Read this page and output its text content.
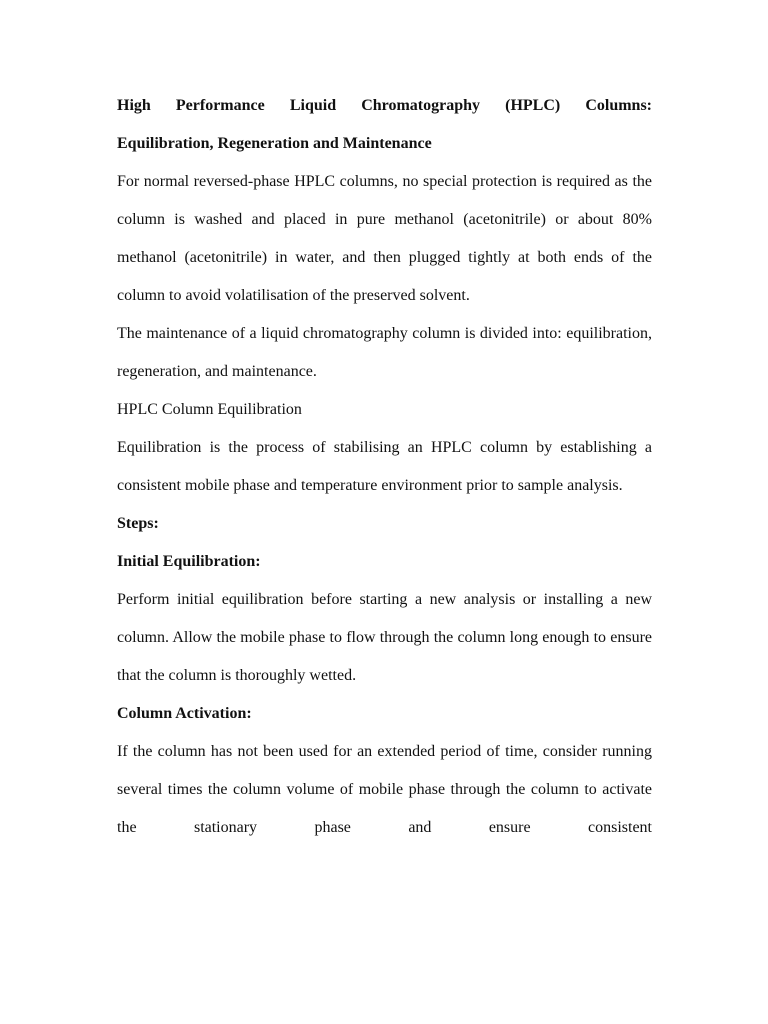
High Performance Liquid Chromatography (HPLC) Columns:

Equilibration, Regeneration and Maintenance

For normal reversed-phase HPLC columns, no special protection is required as the column is washed and placed in pure methanol (acetonitrile) or about 80% methanol (acetonitrile) in water, and then plugged tightly at both ends of the column to avoid volatilisation of the preserved solvent.

The maintenance of a liquid chromatography column is divided into: equilibration, regeneration, and maintenance.

HPLC Column Equilibration

Equilibration is the process of stabilising an HPLC column by establishing a consistent mobile phase and temperature environment prior to sample analysis.

Steps:

Initial Equilibration:

Perform initial equilibration before starting a new analysis or installing a new column. Allow the mobile phase to flow through the column long enough to ensure that the column is thoroughly wetted.

Column Activation:

If the column has not been used for an extended period of time, consider running several times the column volume of mobile phase through the column to activate the stationary phase and ensure consistent
